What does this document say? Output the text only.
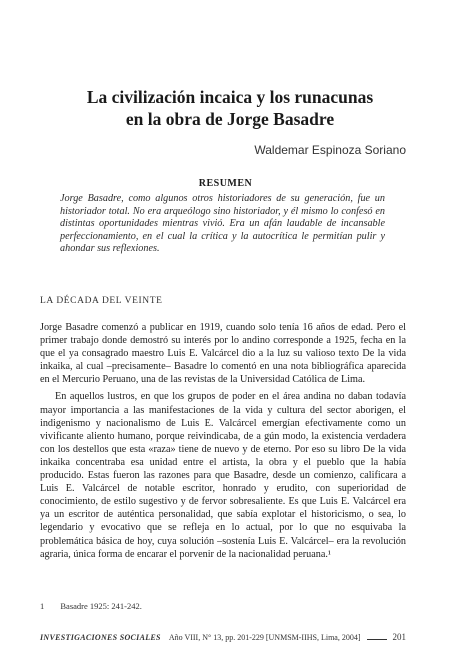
La civilización incaica y los runacunas
en la obra de Jorge Basadre
Waldemar Espinoza Soriano
RESUMEN

Jorge Basadre, como algunos otros historiadores de su generación, fue un historiador total. No era arqueólogo sino historiador, y él mismo lo confesó en distintas oportunidades mientras vivió. Era un afán laudable de incansable perfeccionamiento, en el cual la crítica y la autocrítica le permitían pulir y ahondar sus reflexiones.

LA DÉCADA DEL VEINTE

Jorge Basadre comenzó a publicar en 1919, cuando solo tenía 16 años de edad. Pero el primer trabajo donde demostró su interés por lo andino corresponde a 1925, fecha en la que el ya consagrado maestro Luis E. Valcárcel dio a la luz su valioso texto De la vida inkaika, al cual –precisamente– Basadre lo comentó en una nota bibliográfica aparecida en el Mercurio Peruano, una de las revistas de la Universidad Católica de Lima.

En aquellos lustros, en que los grupos de poder en el área andina no daban todavía mayor importancia a las manifestaciones de la vida y cultura del sector aborigen, el indigenismo y nacionalismo de Luis E. Valcárcel emergían efectivamente como un vivificante aliento humano, porque reivindicaba, de a gún modo, la existencia verdadera con los destellos que esta «raza» tiene de nuevo y de eterno. Por eso su libro De la vida inkaika concentraba esa unidad entre el artista, la obra y el pueblo que la había producido. Estas fueron las razones para que Basadre, desde un comienzo, calificara a Luis E. Valcárcel de notable escritor, honrado y erudito, con superioridad de conocimiento, de estilo sugestivo y de fervor sobresaliente. Es que Luis E. Valcárcel era ya un escritor de auténtica personalidad, que sabía explotar el historicismo, o sea, lo legendario y evocativo que se refleja en lo actual, por lo que no esquivaba la problemática básica de hoy, cuya solución –sostenía Luis E. Valcárcel– era la revolución agraria, única forma de encarar el porvenir de la nacionalidad peruana.¹

1 Basadre 1925: 241-242.
INVESTIGACIONES SOCIALES Año VIII, N° 13, pp. 201-229 [UNMSM-IIHS, Lima, 2004]	201
